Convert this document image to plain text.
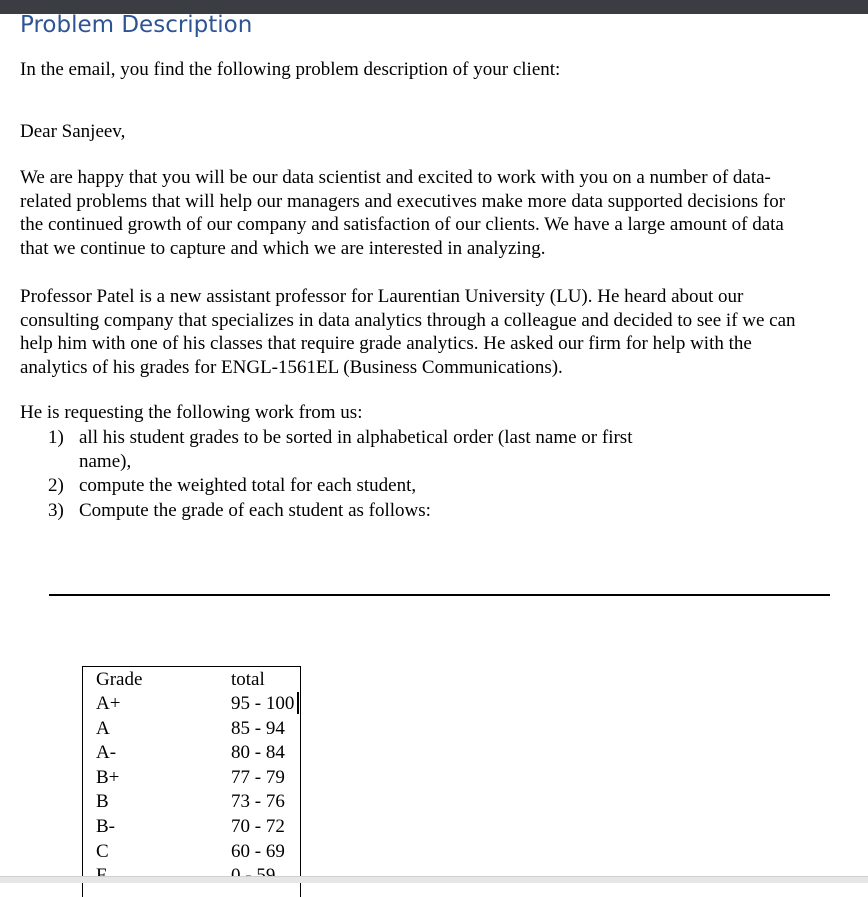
Problem Description

In the email, you find the following problem description of your client:

Dear Sanjeev,

We are happy that you will be our data scientist and excited to work with you on a number of data-related problems that will help our managers and executives make more data supported decisions for the continued growth of our company and satisfaction of our clients. We have a large amount of data that we continue to capture and which we are interested in analyzing.

Professor Patel is a new assistant professor for Laurentian University (LU). He heard about our consulting company that specializes in data analytics through a colleague and decided to see if we can help him with one of his classes that require grade analytics. He asked our firm for help with the analytics of his grades for ENGL-1561EL (Business Communications).

He is requesting the following work from us:

1) all his student grades to be sorted in alphabetical order (last name or first name),
2) compute the weighted total for each student,
3) Compute the grade of each student as follows:
Grade	total
A+	95 - 100
A	85 - 94
A-	80 - 84
B+	77 - 79
B	73 - 76
B-	70 - 72
C	60 - 69
